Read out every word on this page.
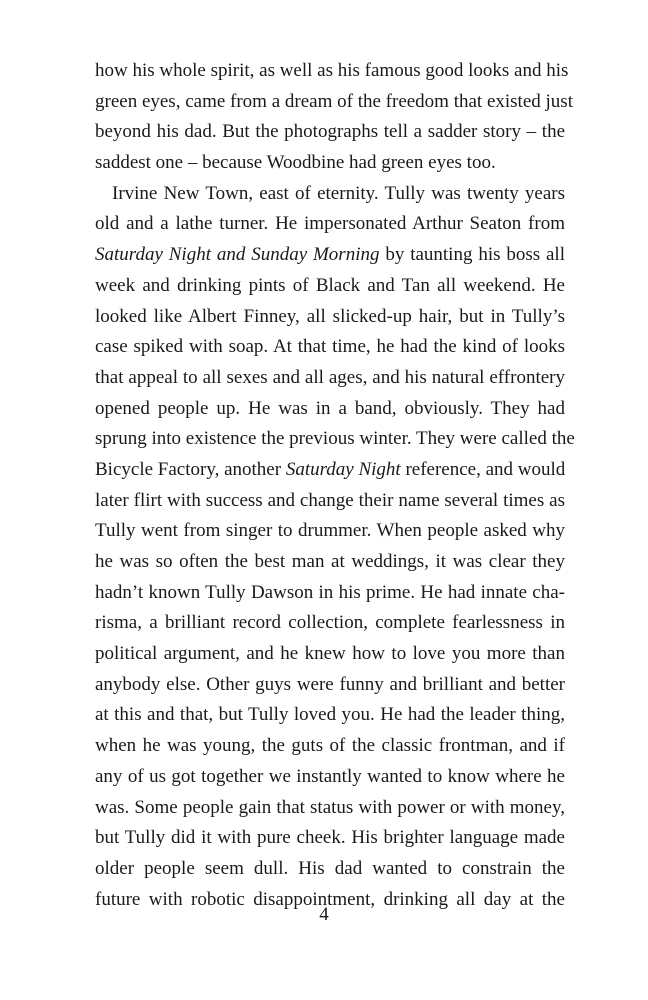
how his whole spirit, as well as his famous good looks and his
green eyes, came from a dream of the freedom that existed just
beyond his dad. But the photographs tell a sadder story – the
saddest one – because Woodbine had green eyes too.
Irvine New Town, east of eternity. Tully was twenty years
old and a lathe turner. He impersonated Arthur Seaton from
Saturday Night and Sunday Morning by taunting his boss all
week and drinking pints of Black and Tan all weekend. He
looked like Albert Finney, all slicked-up hair, but in Tully’s
case spiked with soap. At that time, he had the kind of looks
that appeal to all sexes and all ages, and his natural effrontery
opened people up. He was in a band, obviously. They had
sprung into existence the previous winter. They were called the
Bicycle Factory, another Saturday Night reference, and would
later flirt with success and change their name several times as
Tully went from singer to drummer. When people asked why
he was so often the best man at weddings, it was clear they
hadn’t known Tully Dawson in his prime. He had innate cha-
risma, a brilliant record collection, complete fearlessness in
political argument, and he knew how to love you more than
anybody else. Other guys were funny and brilliant and better
at this and that, but Tully loved you. He had the leader thing,
when he was young, the guts of the classic frontman, and if
any of us got together we instantly wanted to know where he
was. Some people gain that status with power or with money,
but Tully did it with pure cheek. His brighter language made
older people seem dull. His dad wanted to constrain the
future with robotic disappointment, drinking all day at the
4
